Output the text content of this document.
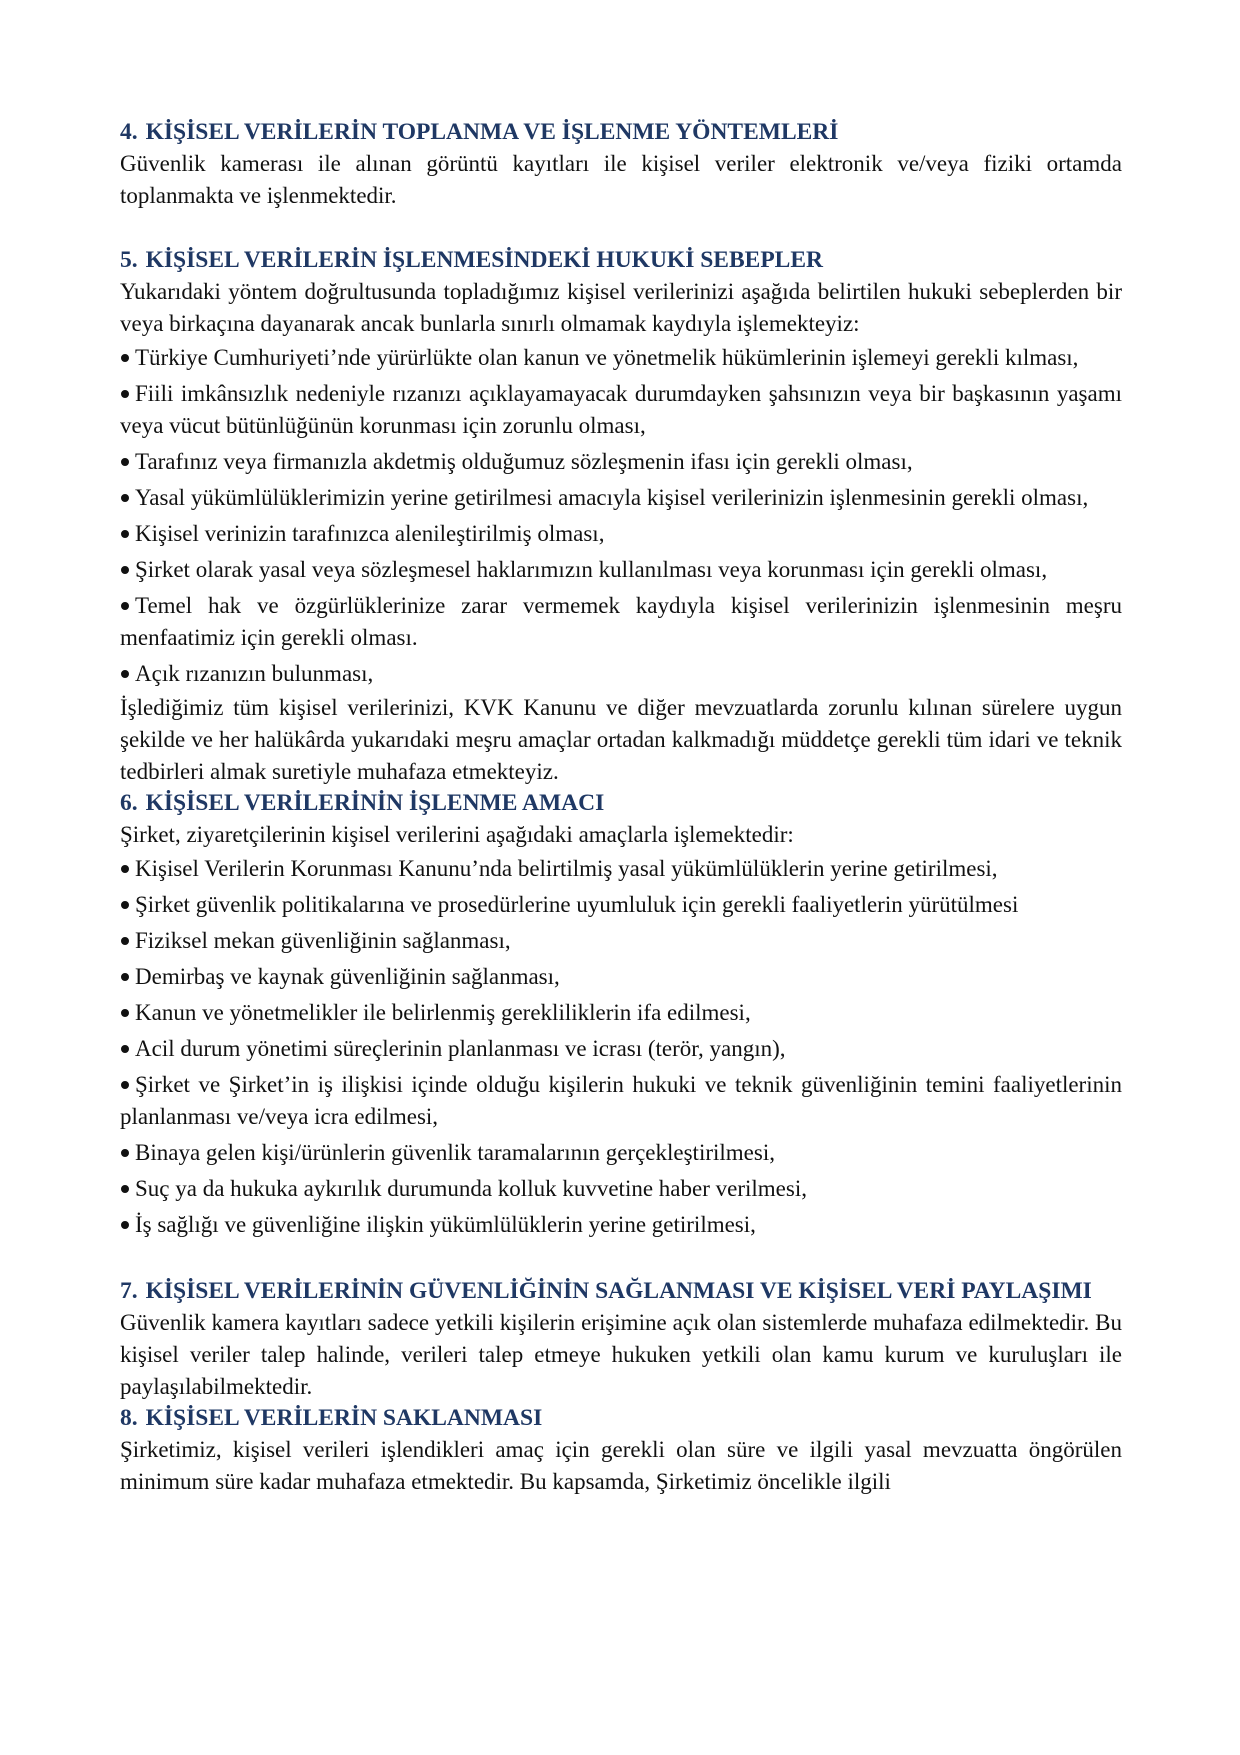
4. KİŞİSEL VERİLERİN TOPLANMA VE İŞLENME YÖNTEMLERİ

Güvenlik kamerası ile alınan görüntü kayıtları ile kişisel veriler elektronik ve/veya fiziki ortamda toplanmakta ve işlenmektedir.

5. KİŞİSEL VERİLERİN İŞLENMESİNDEKİ HUKUKİ SEBEPLER

Yukarıdaki yöntem doğrultusunda topladığımız kişisel verilerinizi aşağıda belirtilen hukuki sebeplerden bir veya birkaçına dayanarak ancak bunlarla sınırlı olmamak kaydıyla işlemekteyiz:

Türkiye Cumhuriyeti’nde yürürlükte olan kanun ve yönetmelik hükümlerinin işlemeyi gerekli kılması,
Fiili imkânsızlık nedeniyle rızanızı açıklayamayacak durumdayken şahsınızın veya bir başkasının yaşamı veya vücut bütünlüğünün korunması için zorunlu olması,
Tarafınız veya firmanızla akdetmiş olduğumuz sözleşmenin ifası için gerekli olması,
Yasal yükümlülüklerimizin yerine getirilmesi amacıyla kişisel verilerinizin işlenmesinin gerekli olması,
Kişisel verinizin tarafınızca alenileştirilmiş olması,
Şirket olarak yasal veya sözleşmesel haklarımızın kullanılması veya korunması için gerekli olması,
Temel hak ve özgürlüklerinize zarar vermemek kaydıyla kişisel verilerinizin işlenmesinin meşru menfaatimiz için gerekli olması.
Açık rızanızın bulunması,

İşlediğimiz tüm kişisel verilerinizi, KVK Kanunu ve diğer mevzuatlarda zorunlu kılınan sürelere uygun şekilde ve her halükârda yukarıdaki meşru amaçlar ortadan kalkmadığı müddetçe gerekli tüm idari ve teknik tedbirleri almak suretiyle muhafaza etmekteyiz.

6. KİŞİSEL VERİLERİNİN İŞLENME AMACI

Şirket, ziyaretçilerinin kişisel verilerini aşağıdaki amaçlarla işlemektedir:

Kişisel Verilerin Korunması Kanunu’nda belirtilmiş yasal yükümlülüklerin yerine getirilmesi,
Şirket güvenlik politikalarına ve prosedürlerine uyumluluk için gerekli faaliyetlerin yürütülmesi
Fiziksel mekan güvenliğinin sağlanması,
Demirbaş ve kaynak güvenliğinin sağlanması,
Kanun ve yönetmelikler ile belirlenmiş gerekliliklerin ifa edilmesi,
Acil durum yönetimi süreçlerinin planlanması ve icrası (terör, yangın),
Şirket ve Şirket’in iş ilişkisi içinde olduğu kişilerin hukuki ve teknik güvenliğinin temini faaliyetlerinin planlanması ve/veya icra edilmesi,
Binaya gelen kişi/ürünlerin güvenlik taramalarının gerçekleştirilmesi,
Suç ya da hukuka aykırılık durumunda kolluk kuvvetine haber verilmesi,
İş sağlığı ve güvenliğine ilişkin yükümlülüklerin yerine getirilmesi,
7. KİŞİSEL VERİLERİNİN GÜVENLİĞİNİN SAĞLANMASI VE KİŞİSEL VERİ PAYLAŞIMI

Güvenlik kamera kayıtları sadece yetkili kişilerin erişimine açık olan sistemlerde muhafaza edilmektedir. Bu kişisel veriler talep halinde, verileri talep etmeye hukuken yetkili olan kamu kurum ve kuruluşları ile paylaşılabilmektedir.

8. KİŞİSEL VERİLERİN SAKLANMASI

Şirketimiz, kişisel verileri işlendikleri amaç için gerekli olan süre ve ilgili yasal mevzuatta öngörülen minimum süre kadar muhafaza etmektedir. Bu kapsamda, Şirketimiz öncelikle ilgili
